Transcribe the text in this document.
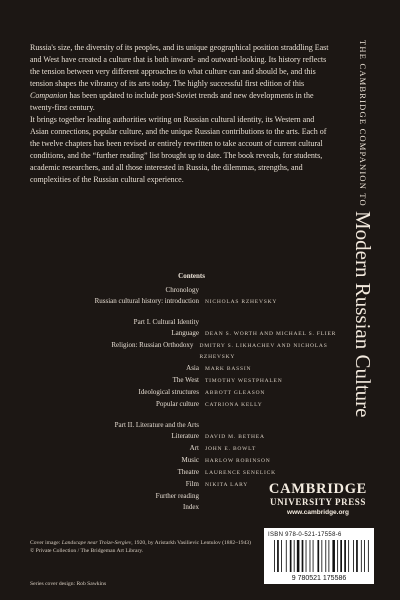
THE CAMBRIDGE COMPANION TO Modern Russian Culture
Russia's size, the diversity of its peoples, and its unique geographical position straddling East and West have created a culture that is both inward- and outward-looking. Its history reflects the tension between very different approaches to what culture can and should be, and this tension shapes the vibrancy of its arts today. The highly successful first edition of this Companion has been updated to include post-Soviet trends and new developments in the twenty-first century.
It brings together leading authorities writing on Russian cultural identity, its Western and Asian connections, popular culture, and the unique Russian contributions to the arts. Each of the twelve chapters has been revised or entirely rewritten to take account of current cultural conditions, and the “further reading” list brought up to date. The book reveals, for students, academic researchers, and all those interested in Russia, the dilemmas, strengths, and complexities of the Russian cultural experience.
Contents
Chronology
Russian cultural history: introduction	NICHOLAS RZHEVSKY
Part I. Cultural Identity
Language	DEAN S. WORTH AND MICHAEL S. FLIER
Religion: Russian Orthodoxy	DMITRY S. LIKHACHEV AND NICHOLAS RZHEVSKY
Asia	MARK BASSIN
The West	TIMOTHY WESTPHALEN
Ideological structures	ABBOTT GLEASON
Popular culture	CATRIONA KELLY
Part II. Literature and the Arts
Literature	DAVID M. BETHEA
Art	JOHN E. BOWLT
Music	HARLOW ROBINSON
Theatre	LAURENCE SENELICK
Film	NIKITA LARY
Further reading
Index
CAMBRIDGE
UNIVERSITY PRESS
www.cambridge.org
ISBN 978-0-521-17558-6
9 780521 175586
Cover image: Landscape near Troize-Sergiev, 1920, by Aristarkh Vasilievic Lentulov (1882–1943) © Private Collection / The Bridgeman Art Library.
Series cover design: Rob Sawkins
